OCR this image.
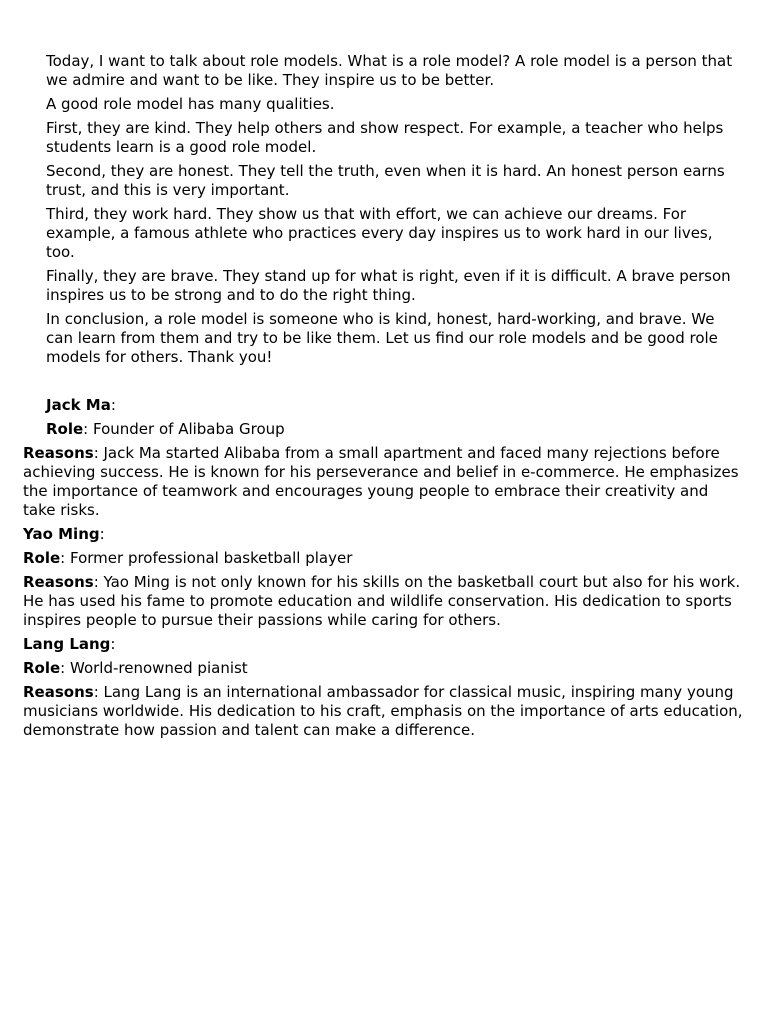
Today, I want to talk about role models. What is a role model? A role model is a person that we admire and want to be like. They inspire us to be better.

A good role model has many qualities.

First, they are kind. They help others and show respect. For example, a teacher who helps students learn is a good role model.

Second, they are honest. They tell the truth, even when it is hard. An honest person earns trust, and this is very important.

Third, they work hard. They show us that with effort, we can achieve our dreams. For example, a famous athlete who practices every day inspires us to work hard in our lives, too.

Finally, they are brave. They stand up for what is right, even if it is difficult. A brave person inspires us to be strong and to do the right thing.

In conclusion, a role model is someone who is kind, honest, hard-working, and brave. We can learn from them and try to be like them. Let us find our role models and be good role models for others. Thank you!

Jack Ma:

Role: Founder of Alibaba Group

Reasons: Jack Ma started Alibaba from a small apartment and faced many rejections before achieving success. He is known for his perseverance and belief in e-commerce. He emphasizes the importance of teamwork and encourages young people to embrace their creativity and take risks.

Yao Ming:

Role: Former professional basketball player

Reasons: Yao Ming is not only known for his skills on the basketball court but also for his work. He has used his fame to promote education and wildlife conservation. His dedication to sports inspires people to pursue their passions while caring for others.

Lang Lang:

Role: World-renowned pianist

Reasons: Lang Lang is an international ambassador for classical music, inspiring many young musicians worldwide. His dedication to his craft, emphasis on the importance of arts education, demonstrate how passion and talent can make a difference.
